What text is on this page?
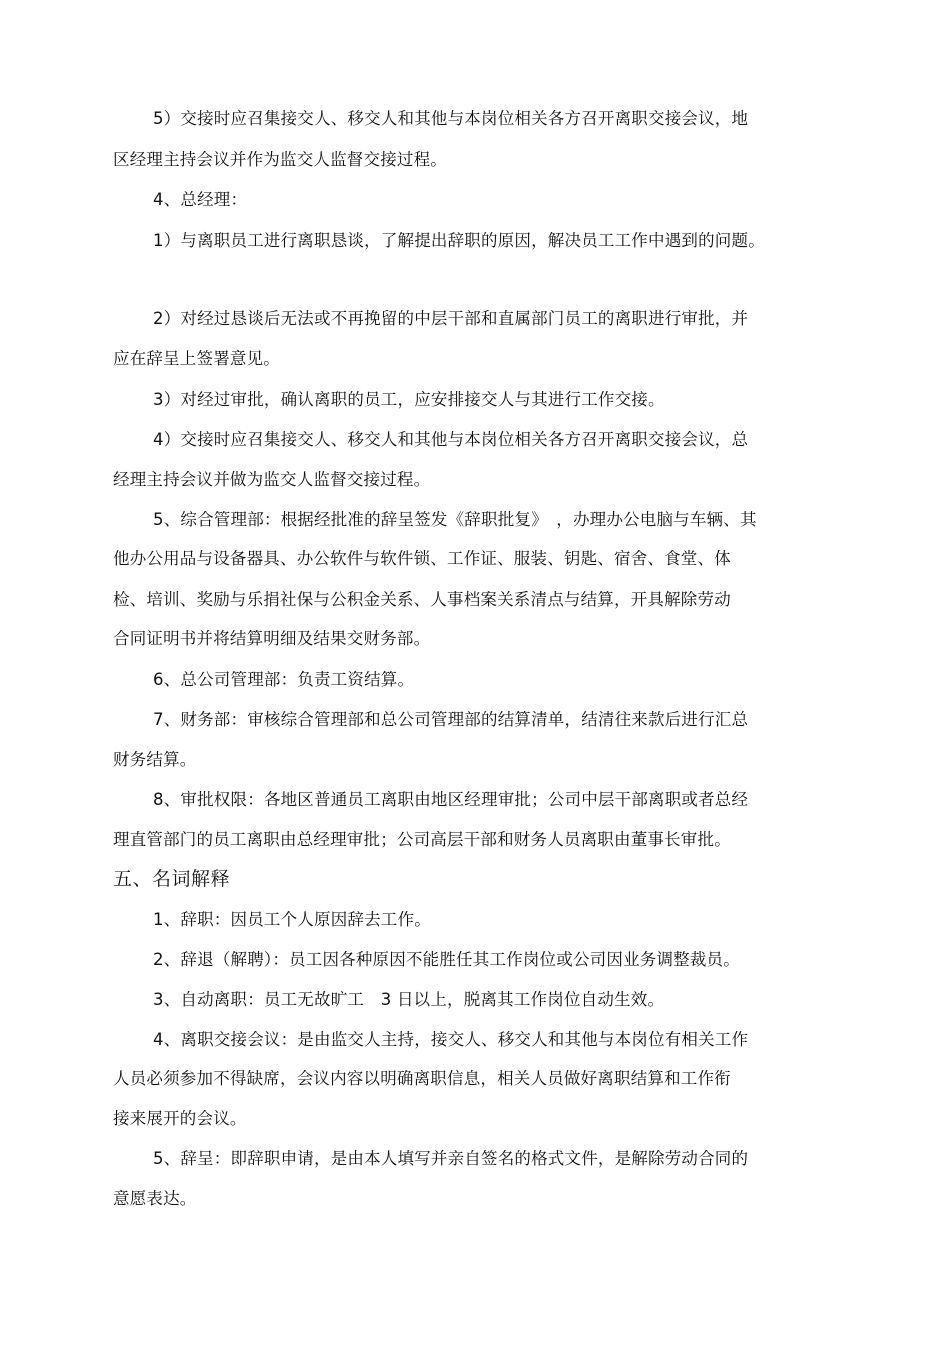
5）交接时应召集接交人、移交人和其他与本岗位相关各方召开离职交接会议，地
区经理主持会议并作为监交人监督交接过程。
4、总经理：
1）与离职员工进行离职恳谈，了解提出辞职的原因，解决员工工作中遇到的问题。
2）对经过恳谈后无法或不再挽留的中层干部和直属部门员工的离职进行审批，并
应在辞呈上签署意见。
3）对经过审批，确认离职的员工，应安排接交人与其进行工作交接。
4）交接时应召集接交人、移交人和其他与本岗位相关各方召开离职交接会议，总
经理主持会议并做为监交人监督交接过程。
5、综合管理部：根据经批准的辞呈签发《辞职批复》　，办理办公电脑与车辆、其
他办公用品与设备器具、办公软件与软件锁、工作证、服装、钥匙、宿舍、食堂、体
检、培训、奖励与乐捐社保与公积金关系、人事档案关系清点与结算，开具解除劳动
合同证明书并将结算明细及结果交财务部。
6、总公司管理部：负责工资结算。
7、财务部：审核综合管理部和总公司管理部的结算清单，结清往来款后进行汇总
财务结算。
8、审批权限：各地区普通员工离职由地区经理审批；公司中层干部离职或者总经
理直管部门的员工离职由总经理审批；公司高层干部和财务人员离职由董事长审批。
五、名词解释
1、辞职：因员工个人原因辞去工作。
2、辞退（解聘）：员工因各种原因不能胜任其工作岗位或公司因业务调整裁员。
3、自动离职：员工无故旷工　3 日以上，脱离其工作岗位自动生效。
4、离职交接会议：是由监交人主持，接交人、移交人和其他与本岗位有相关工作
人员必须参加不得缺席，会议内容以明确离职信息，相关人员做好离职结算和工作衔
接来展开的会议。
5、辞呈：即辞职申请，是由本人填写并亲自签名的格式文件，是解除劳动合同的
意愿表达。
